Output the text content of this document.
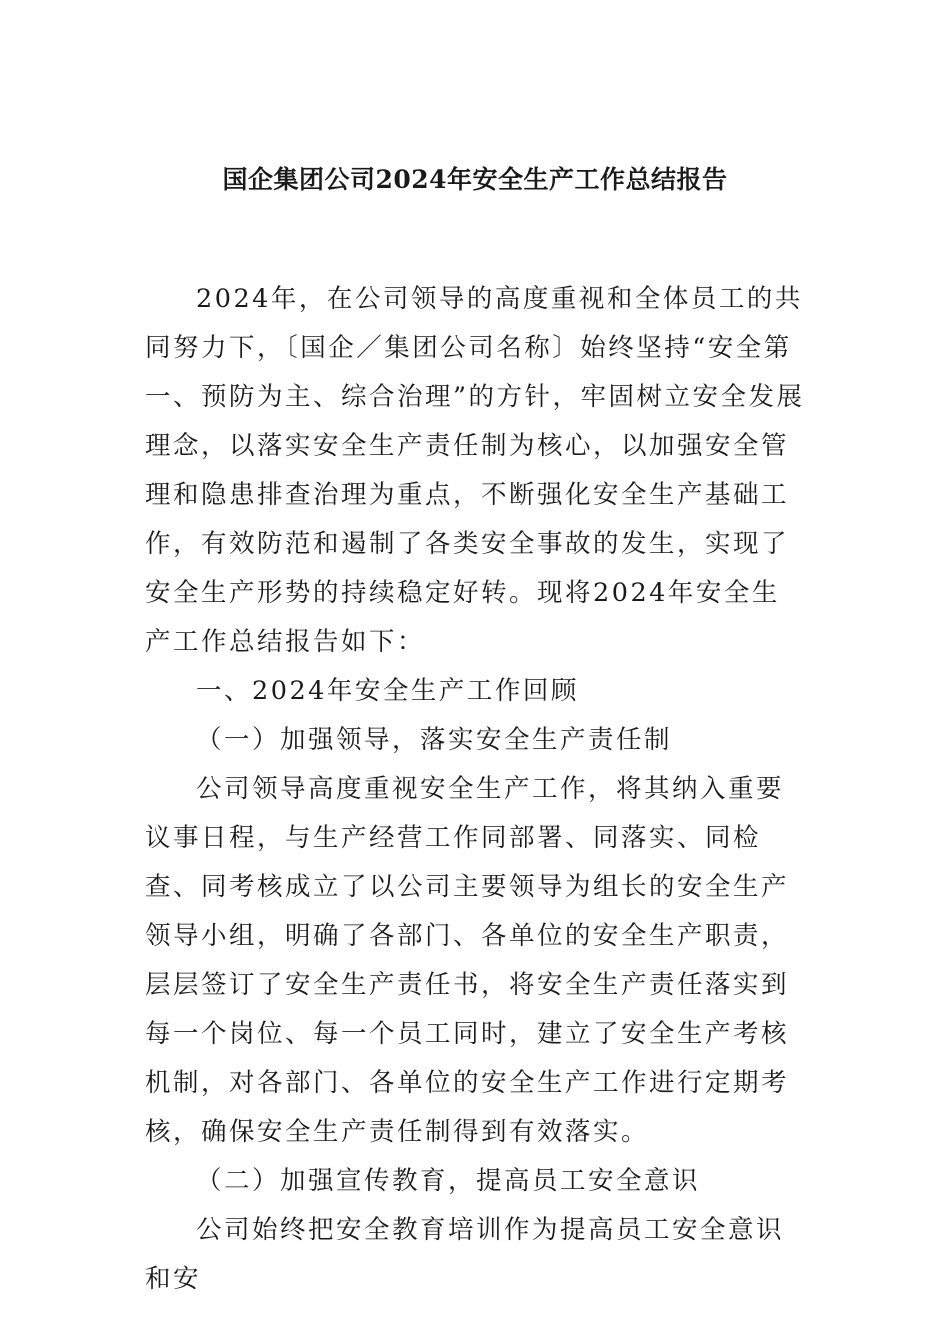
国企集团公司2024年安全生产工作总结报告

2024年，在公司领导的高度重视和全体员工的共同努力下，〔国企／集团公司名称〕始终坚持“安全第一、预防为主、综合治理”的方针，牢固树立安全发展理念，以落实安全生产责任制为核心，以加强安全管理和隐患排查治理为重点，不断强化安全生产基础工作，有效防范和遏制了各类安全事故的发生，实现了安全生产形势的持续稳定好转。现将2024年安全生产工作总结报告如下：

一、2024年安全生产工作回顾

（一）加强领导，落实安全生产责任制

公司领导高度重视安全生产工作，将其纳入重要议事日程，与生产经营工作同部署、同落实、同检查、同考核成立了以公司主要领导为组长的安全生产领导小组，明确了各部门、各单位的安全生产职责，层层签订了安全生产责任书，将安全生产责任落实到每一个岗位、每一个员工同时，建立了安全生产考核机制，对各部门、各单位的安全生产工作进行定期考核，确保安全生产责任制得到有效落实。

（二）加强宣传教育，提高员工安全意识

公司始终把安全教育培训作为提高员工安全意识和安
